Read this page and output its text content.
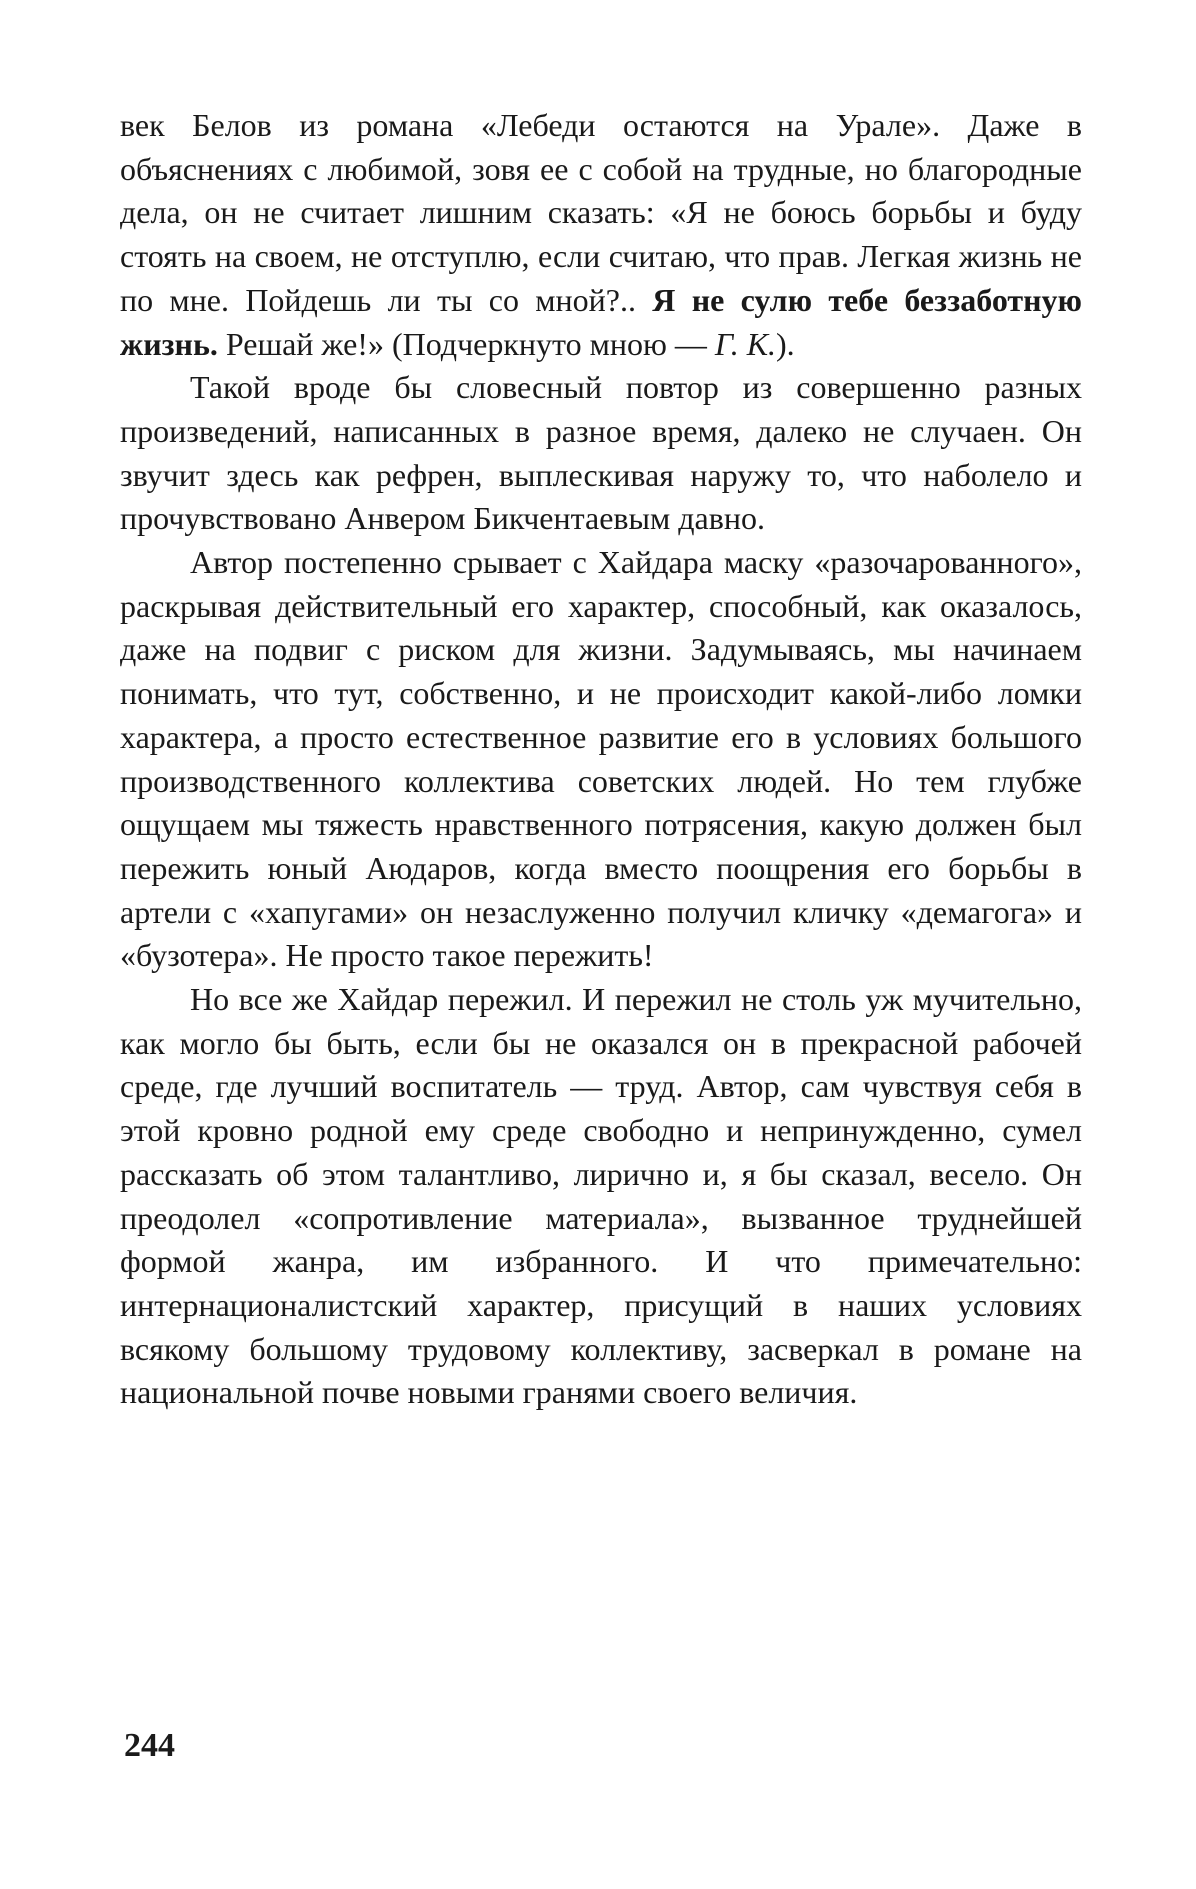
век Белов из романа «Лебеди остаются на Урале». Даже в объяснениях с любимой, зовя ее с собой на трудные, но благородные дела, он не считает лишним сказать: «Я не боюсь борьбы и буду стоять на своем, не отступлю, если считаю, что прав. Легкая жизнь не по мне. Пойдешь ли ты со мной?.. Я не сулю тебе беззаботную жизнь. Решай же!» (Подчеркнуто мною — Г. К.).

Такой вроде бы словесный повтор из совершенно разных произведений, написанных в разное время, далеко не случаен. Он звучит здесь как рефрен, выплескивая наружу то, что наболело и прочувствовано Анвером Бикчентаевым давно.

Автор постепенно срывает с Хайдара маску «разочарованного», раскрывая действительный его характер, способный, как оказалось, даже на подвиг с риском для жизни. Задумываясь, мы начинаем понимать, что тут, собственно, и не происходит какой-либо ломки характера, а просто естественное развитие его в условиях большого производственного коллектива советских людей. Но тем глубже ощущаем мы тяжесть нравственного потрясения, какую должен был пережить юный Аюдаров, когда вместо поощрения его борьбы в артели с «хапугами» он незаслуженно получил кличку «демагога» и «бузотера». Не просто такое пережить!

Но все же Хайдар пережил. И пережил не столь уж мучительно, как могло бы быть, если бы не оказался он в прекрасной рабочей среде, где лучший воспитатель — труд. Автор, сам чувствуя себя в этой кровно родной ему среде свободно и непринужденно, сумел рассказать об этом талантливо, лирично и, я бы сказал, весело. Он преодолел «сопротивление материала», вызванное труднейшей формой жанра, им избранного. И что примечательно: интернационалистский характер, присущий в наших условиях всякому большому трудовому коллективу, засверкал в романе на национальной почве новыми гранями своего величия.

244
